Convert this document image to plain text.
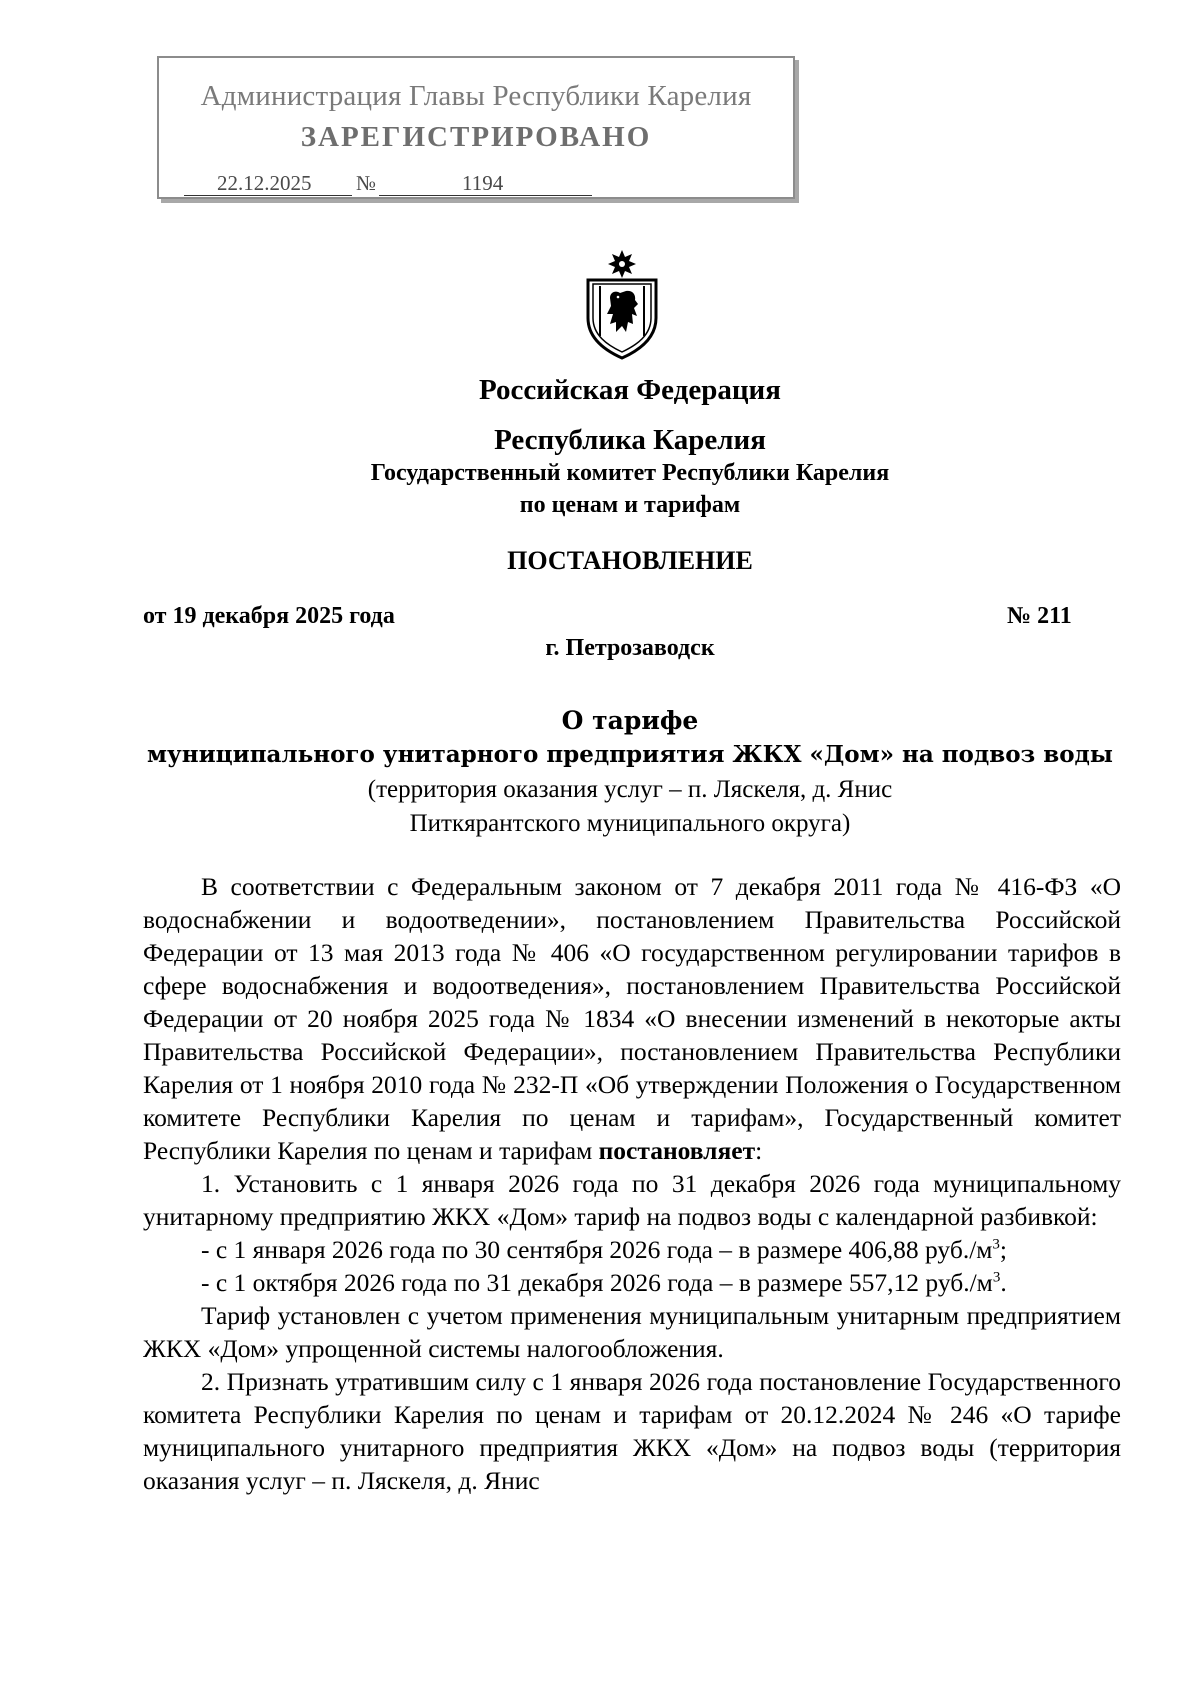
Администрация Главы Республики Карелия
ЗАРЕГИСТРИРОВАНО
22.12.2025	№	1194
Российская Федерация
Республика Карелия
Государственный комитет Республики Карелия
по ценам и тарифам
ПОСТАНОВЛЕНИЕ
от 19 декабря 2025 года	№ 211
г. Петрозаводск
О тарифе
муниципального унитарного предприятия ЖКХ «Дом» на подвоз воды
(территория оказания услуг – п. Ляскеля, д. Янис
Питкярантского муниципального округа)

В соответствии с Федеральным законом от 7 декабря 2011 года № 416-ФЗ «О водоснабжении и водоотведении», постановлением Правительства Российской Федерации от 13 мая 2013 года № 406 «О государственном регулировании тарифов в сфере водоснабжения и водоотведения», постановлением Правительства Российской Федерации от 20 ноября 2025 года № 1834 «О внесении изменений в некоторые акты Правительства Российской Федерации», постановлением Правительства Республики Карелия от 1 ноября 2010 года № 232-П «Об утверждении Положения о Государственном комитете Республики Карелия по ценам и тарифам», Государственный комитет Республики Карелия по ценам и тарифам постановляет:

1. Установить с 1 января 2026 года по 31 декабря 2026 года муниципальному унитарному предприятию ЖКХ «Дом» тариф на подвоз воды с календарной разбивкой:

- с 1 января 2026 года по 30 сентября 2026 года – в размере 406,88 $руб./м^3$;

- с 1 октября 2026 года по 31 декабря 2026 года – в размере 557,12 $руб./м^3$.

Тариф установлен с учетом применения муниципальным унитарным предприятием ЖКХ «Дом» упрощенной системы налогообложения.

2. Признать утратившим силу с 1 января 2026 года постановление Государственного комитета Республики Карелия по ценам и тарифам от 20.12.2024 № 246 «О тарифе муниципального унитарного предприятия ЖКХ «Дом» на подвоз воды (территория оказания услуг – п. Ляскеля, д. Янис
